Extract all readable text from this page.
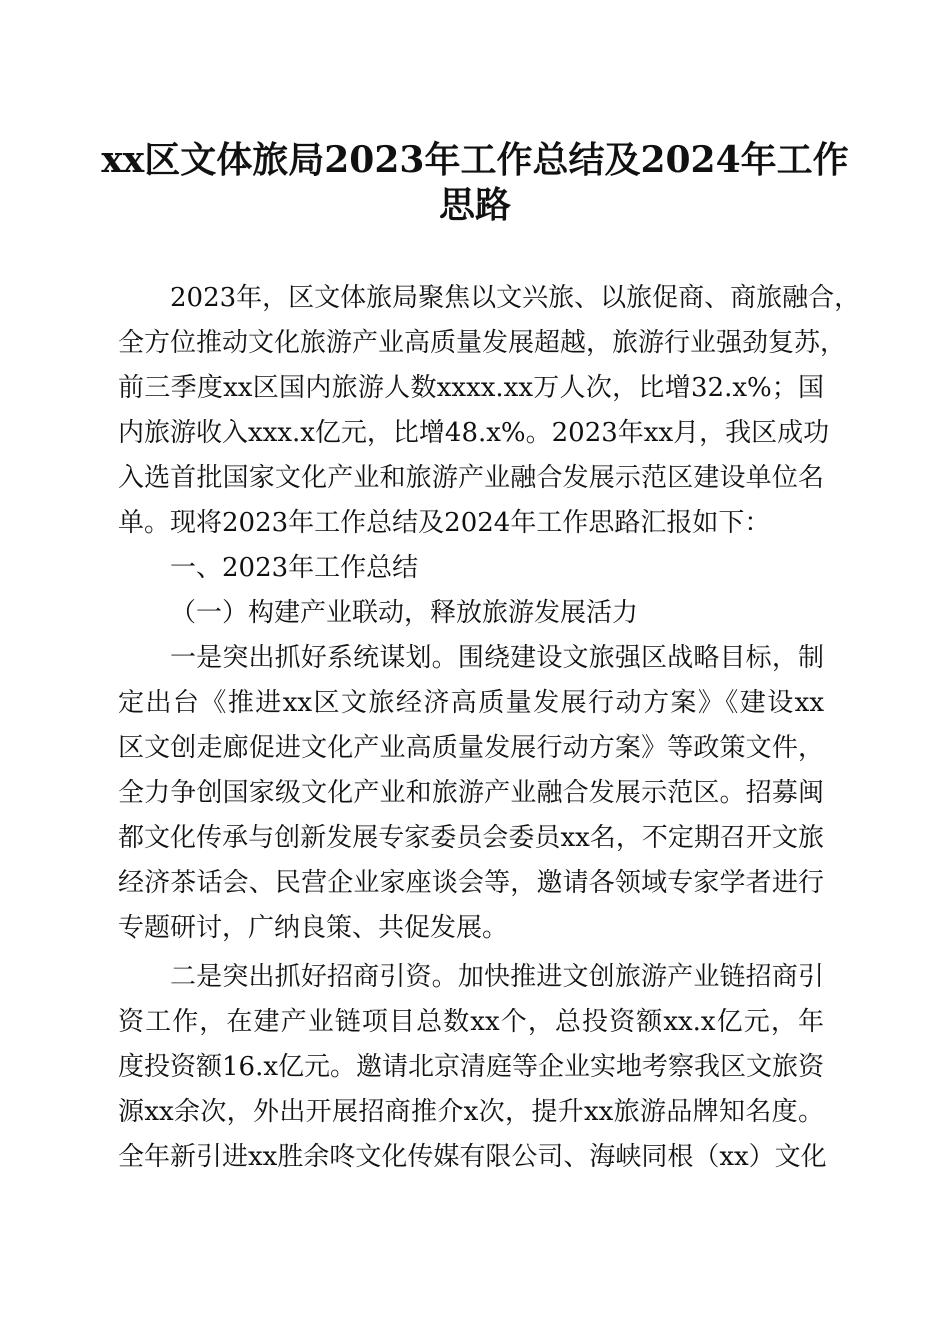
xx区文体旅局2023年工作总结及2024年工作
思路
2023年，区文体旅局聚焦以文兴旅、以旅促商、商旅融合，
全方位推动文化旅游产业高质量发展超越，旅游行业强劲复苏，
前三季度xx区国内旅游人数xxxx.xx万人次，比增32.x%；国
内旅游收入xxx.x亿元，比增48.x%。2023年xx月，我区成功
入选首批国家文化产业和旅游产业融合发展示范区建设单位名
单。现将2023年工作总结及2024年工作思路汇报如下：
一、2023年工作总结
（一）构建产业联动，释放旅游发展活力
一是突出抓好系统谋划。围绕建设文旅强区战略目标，制
定出台《推进xx区文旅经济高质量发展行动方案》《建设xx
区文创走廊促进文化产业高质量发展行动方案》等政策文件，
全力争创国家级文化产业和旅游产业融合发展示范区。招募闽
都文化传承与创新发展专家委员会委员xx名，不定期召开文旅
经济茶话会、民营企业家座谈会等，邀请各领域专家学者进行
专题研讨，广纳良策、共促发展。
二是突出抓好招商引资。加快推进文创旅游产业链招商引
资工作，在建产业链项目总数xx个，总投资额xx.x亿元，年
度投资额16.x亿元。邀请北京清庭等企业实地考察我区文旅资
源xx余次，外出开展招商推介x次，提升xx旅游品牌知名度。
全年新引进xx胜余咚文化传媒有限公司、海峡同根（xx）文化
